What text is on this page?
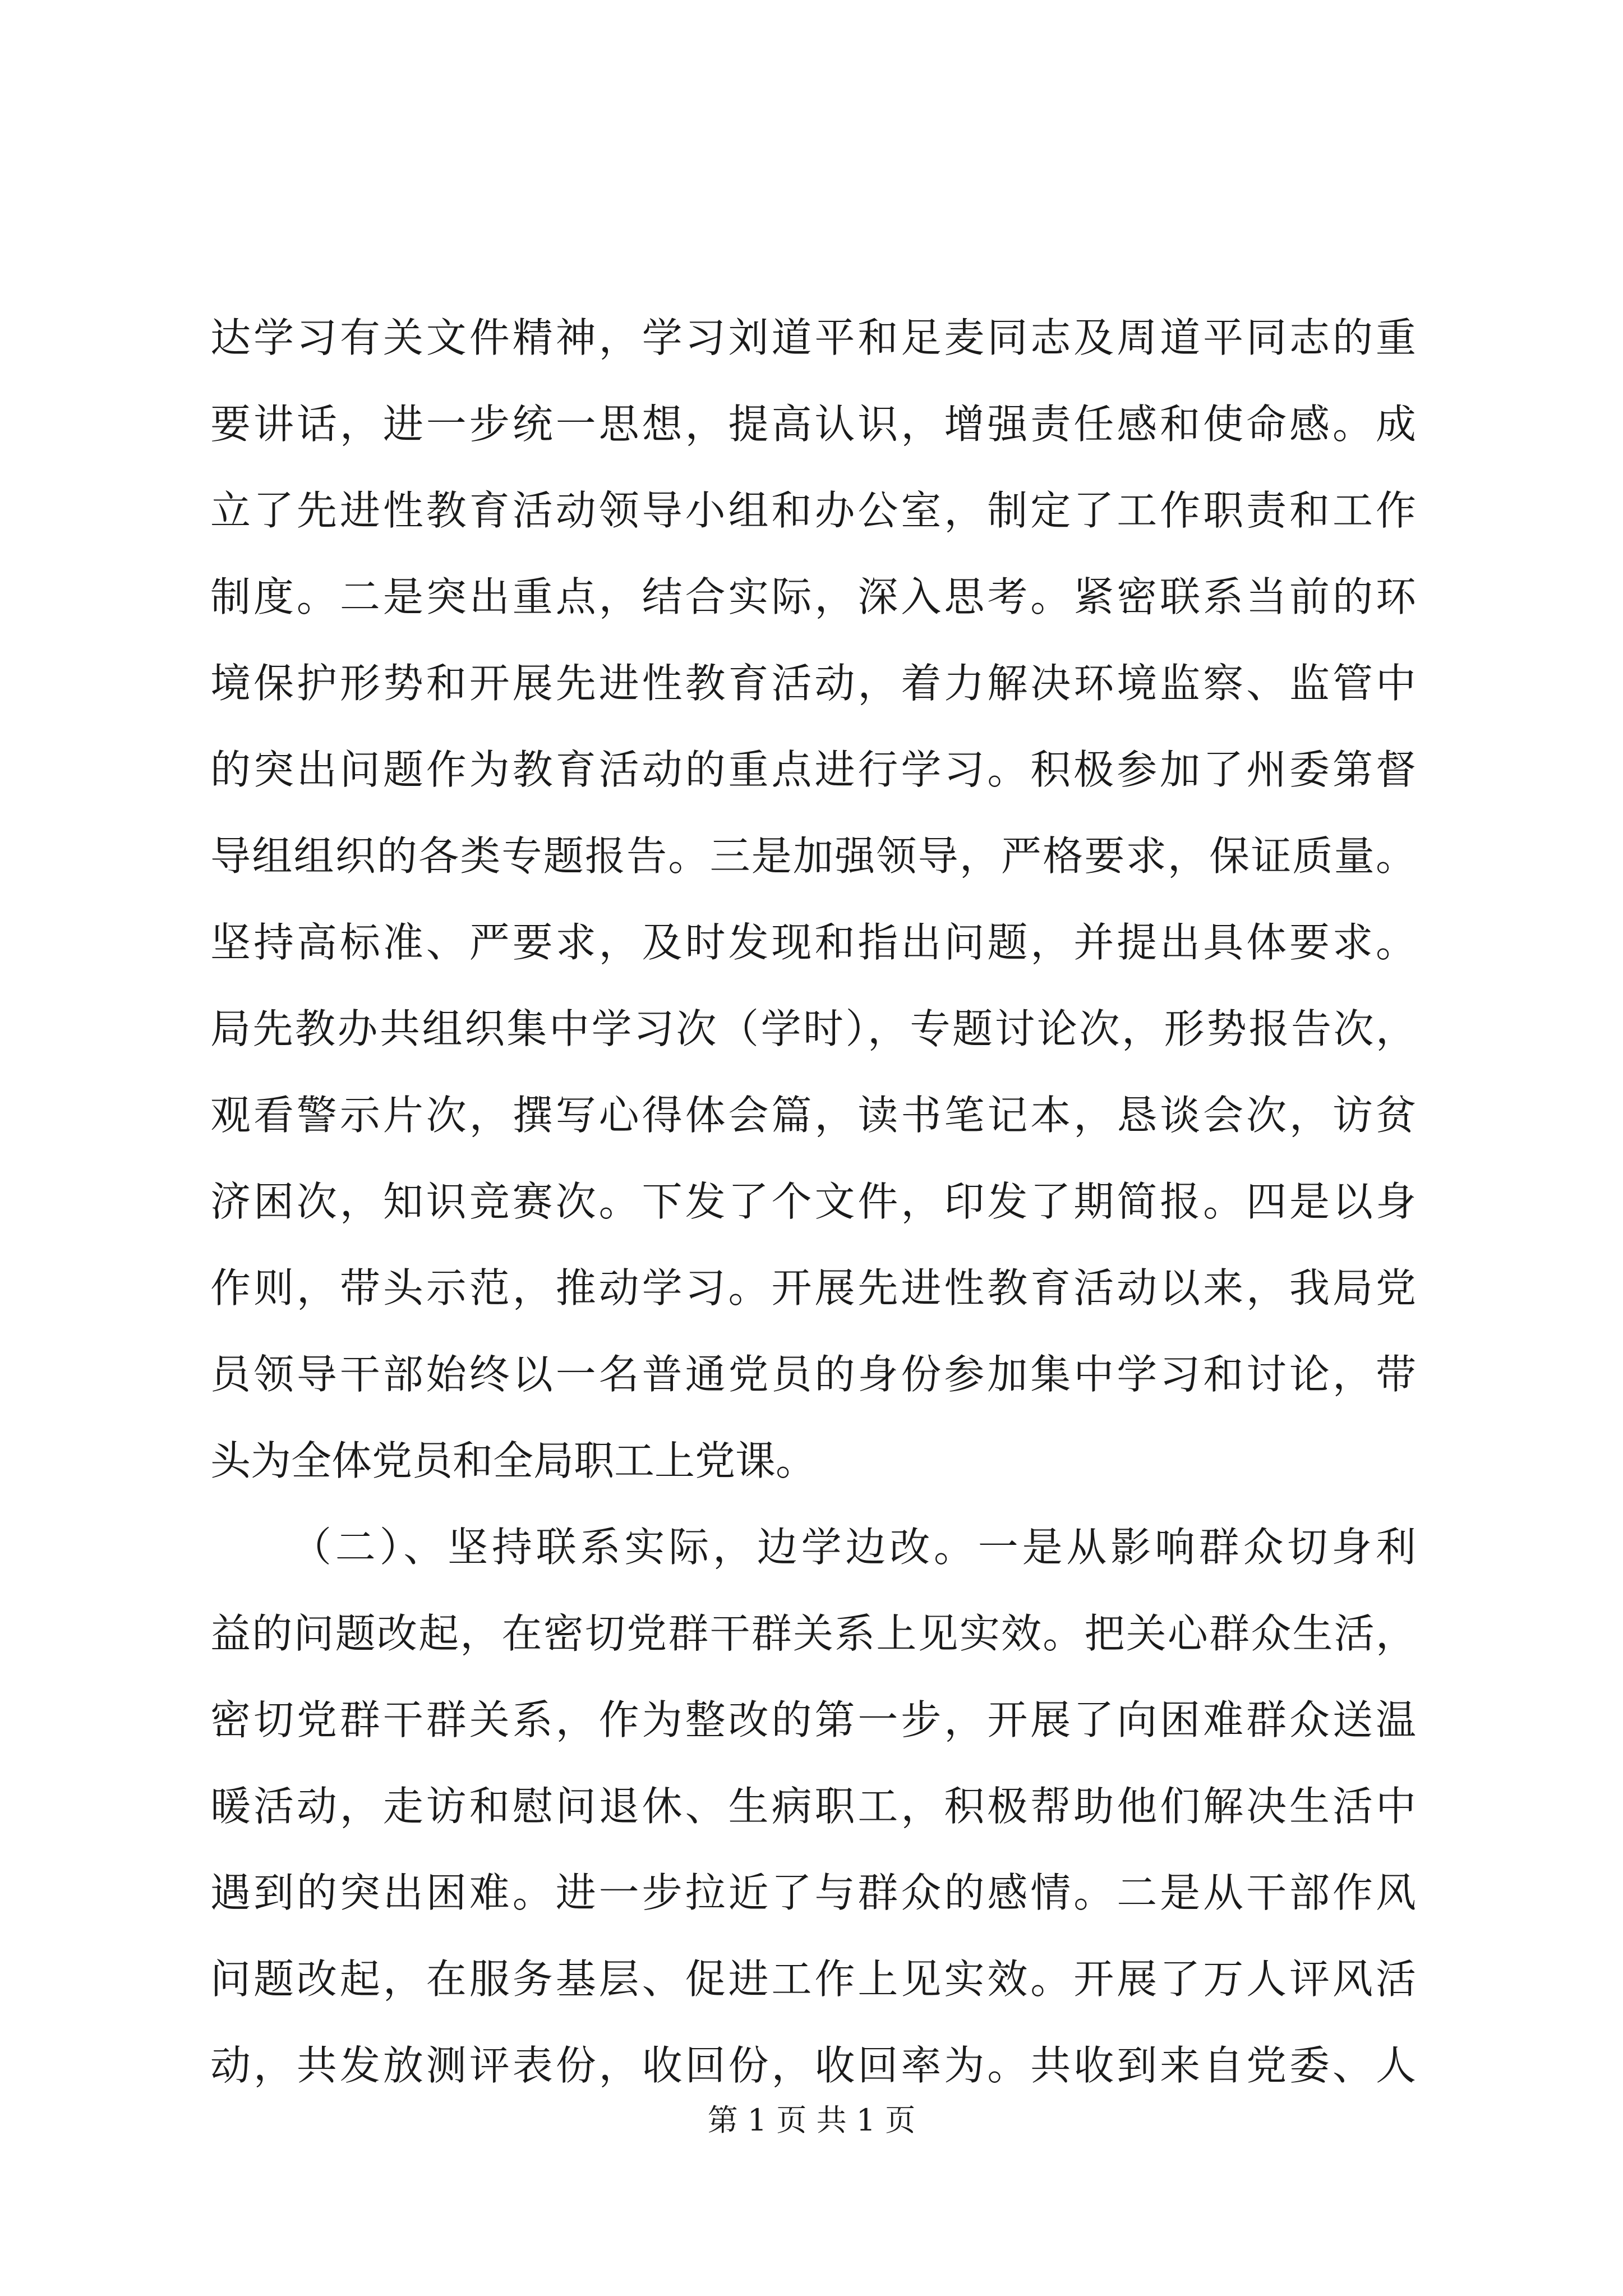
达学习有关文件精神，学习刘道平和足麦同志及周道平同志的重
要讲话，进一步统一思想，提高认识，增强责任感和使命感。成
立了先进性教育活动领导小组和办公室，制定了工作职责和工作
制度。二是突出重点，结合实际，深入思考。紧密联系当前的环
境保护形势和开展先进性教育活动，着力解决环境监察、监管中
的突出问题作为教育活动的重点进行学习。积极参加了州委第督
导组组织的各类专题报告。三是加强领导，严格要求，保证质量。
坚持高标准、严要求，及时发现和指出问题，并提出具体要求。
局先教办共组织集中学习次（学时），专题讨论次，形势报告次，
观看警示片次，撰写心得体会篇，读书笔记本，恳谈会次，访贫
济困次，知识竞赛次。下发了个文件，印发了期简报。四是以身
作则，带头示范，推动学习。开展先进性教育活动以来，我局党
员领导干部始终以一名普通党员的身份参加集中学习和讨论，带
头为全体党员和全局职工上党课。
（二）、坚持联系实际，边学边改。一是从影响群众切身利
益的问题改起，在密切党群干群关系上见实效。把关心群众生活，
密切党群干群关系，作为整改的第一步，开展了向困难群众送温
暖活动，走访和慰问退休、生病职工，积极帮助他们解决生活中
遇到的突出困难。进一步拉近了与群众的感情。二是从干部作风
问题改起，在服务基层、促进工作上见实效。开展了万人评风活
动，共发放测评表份，收回份，收回率为。共收到来自党委、人
第 1 页 共 1 页
